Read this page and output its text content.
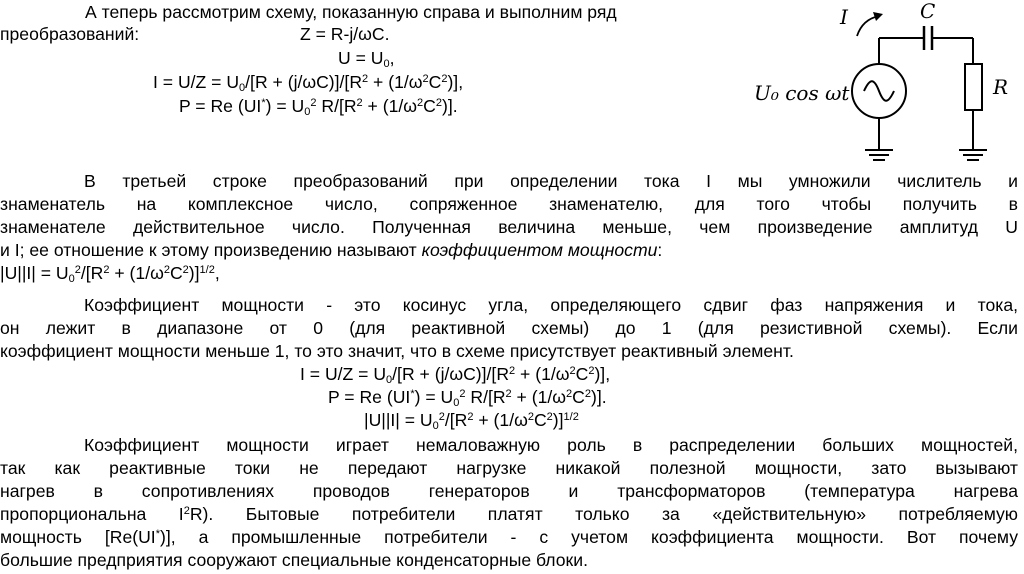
А теперь рассмотрим схему, показанную справа и выполним ряд
преобразований:	Z = R-j/ωC.
$U = U_0$,
$I = U/Z = U_0/[R + (j/\omega C)]/[R^2 + (1/\omega^2C^2)]$,
P = Re $(UI^*) = U_0^2$ $R/[R^2 + (1/\omega^2C^2)]$.
I	C
U₀ cos ωt	R
В третьей строке преобразований при определении тока I мы умножили числитель и
знаменатель на комплексное число, сопряженное знаменателю, для того чтобы получить в
знаменателе действительное число. Полученная величина меньше, чем произведение амплитуд U
и I; ее отношение к этому произведению называют коэффициентом мощности:
$|U||I| = U_0^2/[R^2 + (1/\omega^2C^2)]^{1/2}$,
Коэффициент мощности - это косинус угла, определяющего сдвиг фаз напряжения и тока,
он лежит в диапазоне от 0 (для реактивной схемы) до 1 (для резистивной схемы). Если
коэффициент мощности меньше 1, то это значит, что в схеме присутствует реактивный элемент.
$I = U/Z = U_0/[R + (j/\omega C)]/[R^2 + (1/\omega^2C^2)]$,
P = Re $(UI^*) = U_0^2$ $R/[R^2 + (1/\omega^2C^2)]$.
$|U||I| = U_0^2/[R^2 + (1/\omega^2C^2)]^{1/2}$
Коэффициент мощности играет немаловажную роль в распределении больших мощностей,
так как реактивные токи не передают нагрузке никакой полезной мощности, зато вызывают
нагрев в сопротивлениях проводов генераторов и трансформаторов (температура нагрева
пропорциональна $I^2R$). Бытовые потребители платят только за «действительную» потребляемую
мощность [Re(UI*)], а промышленные потребители - с учетом коэффициента мощности. Вот почему
большие предприятия сооружают специальные конденсаторные блоки.
